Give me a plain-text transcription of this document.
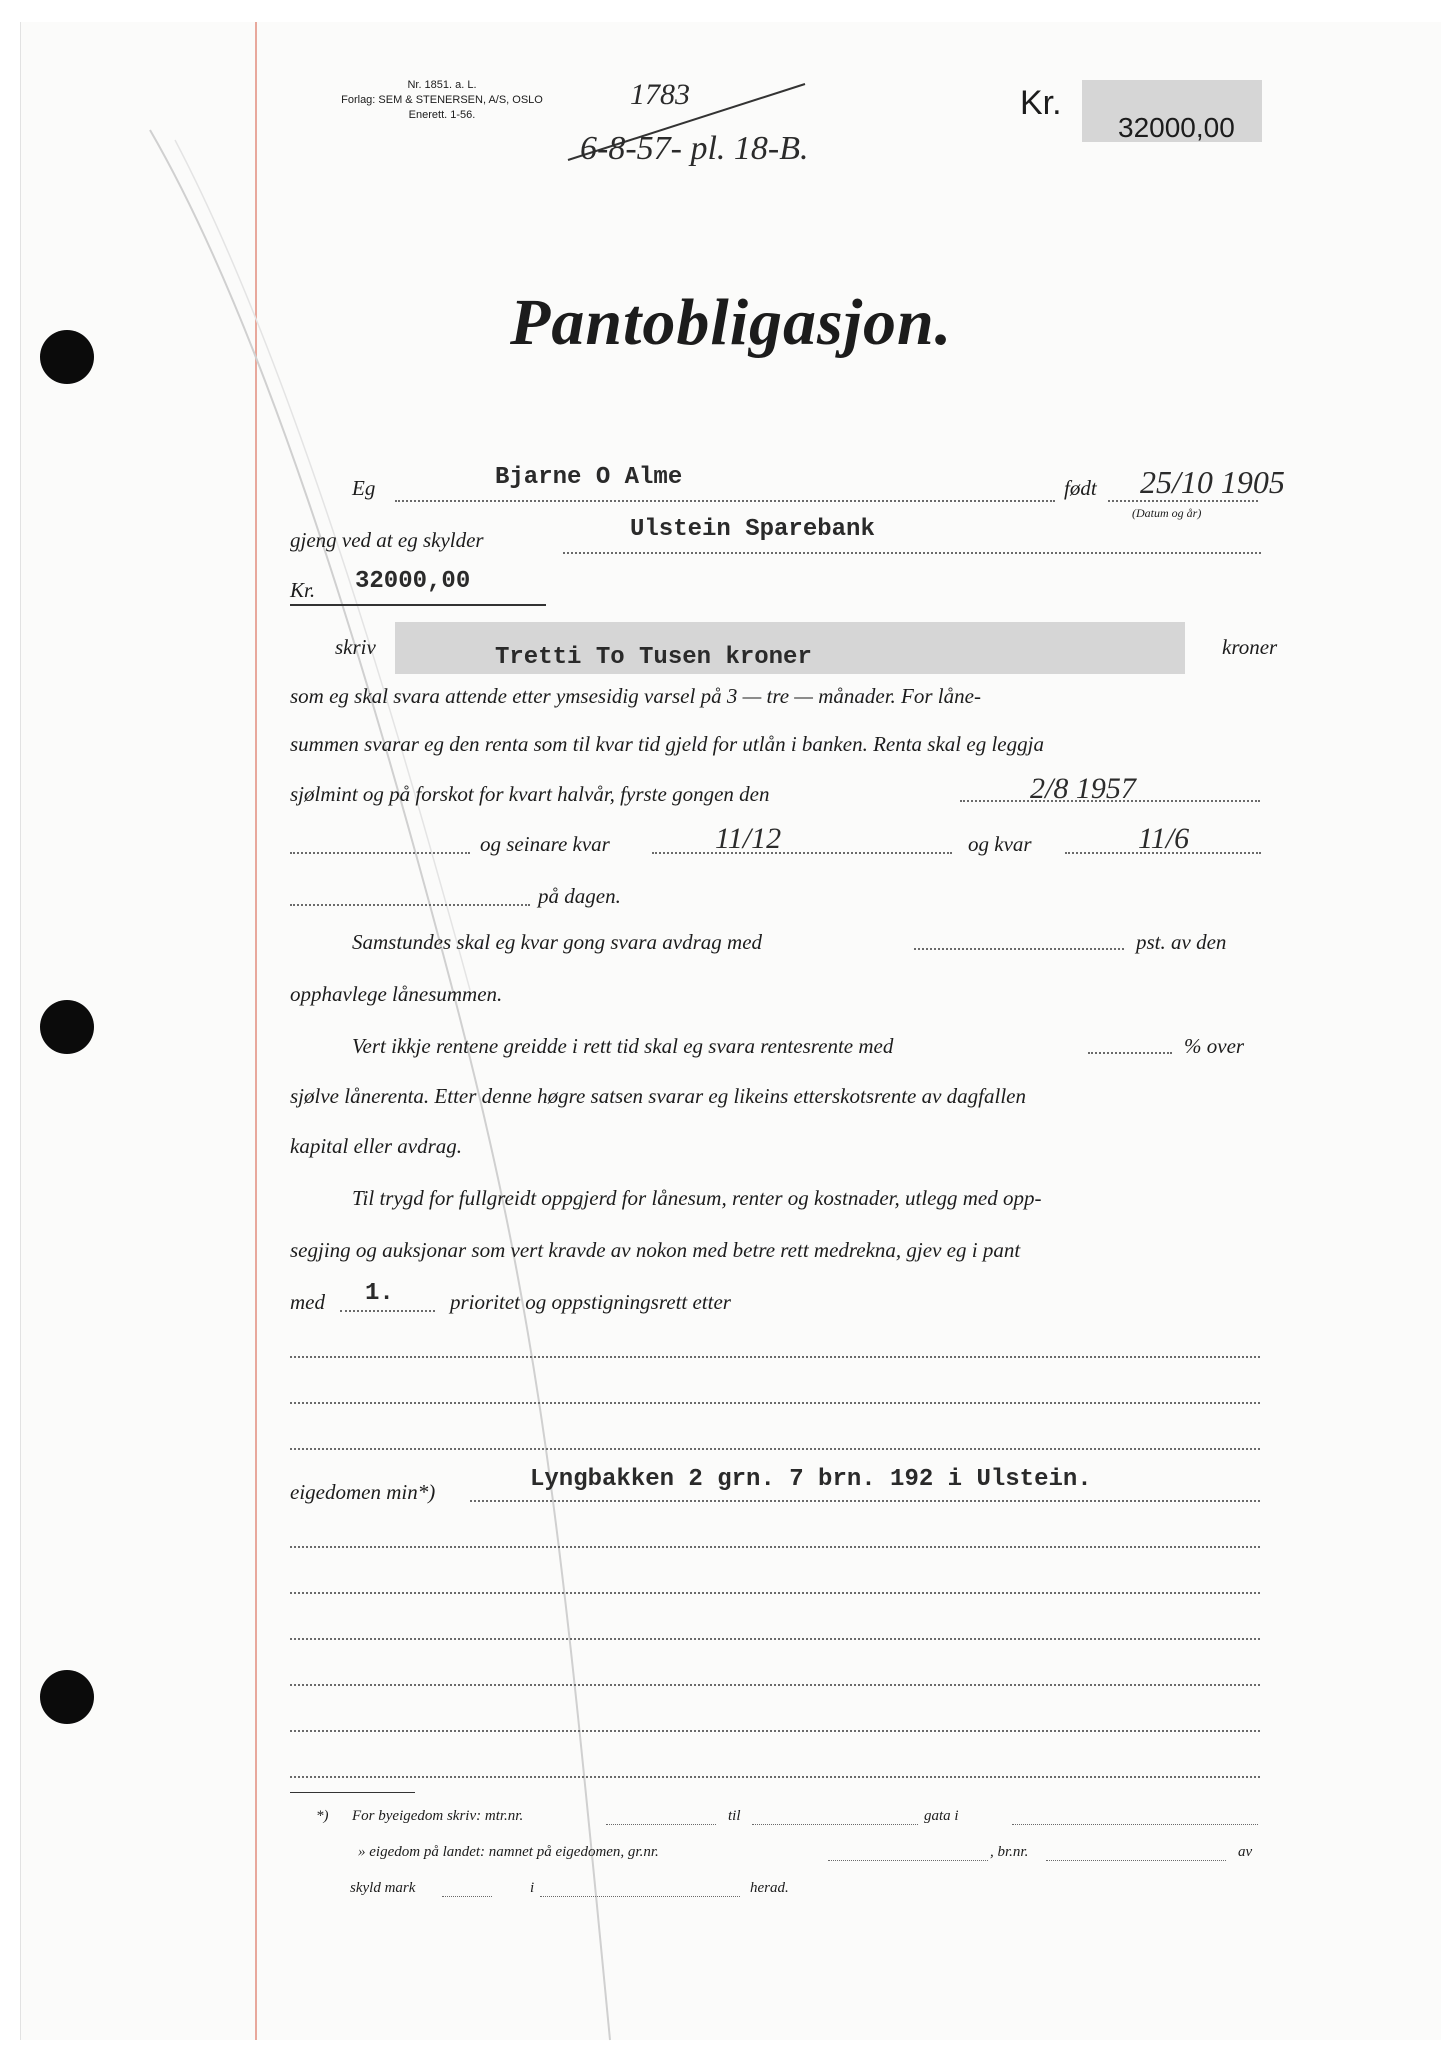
Nr. 1851. a. L.
Forlag: SEM & STENERSEN, A/S, OSLO
Enerett. 1-56.
1783
6-8-57- pl. 18-B.
Kr.
32000,00
Pantobligasjon.
Eg	Bjarne O Alme	født 25/10 1905
(Datum og år)
gjeng ved at eg skylder	Ulstein Sparebank
Kr. 32000,00
skriv	Tretti To Tusen kroner	kroner
som eg skal svara attende etter ymsesidig varsel på 3 — tre — månader. For låne-
summen svarar eg den renta som til kvar tid gjeld for utlån i banken. Renta skal eg leggja
sjølmint og på forskot for kvart halvår, fyrste gongen den	2/8 1957
og seinare kvar	11/12	og kvar	11/6
på dagen.
Samstundes skal eg kvar gong svara avdrag med	pst. av den
opphavlege lånesummen.
Vert ikkje rentene greidde i rett tid skal eg svara rentesrente med	% over
sjølve lånerenta. Etter denne høgre satsen svarar eg likeins etterskotsrente av dagfallen
kapital eller avdrag.
Til trygd for fullgreidt oppgjerd for lånesum, renter og kostnader, utlegg med opp-
segjing og auksjonar som vert kravde av nokon med betre rett medrekna, gjev eg i pant
med 1.	prioritet og oppstigningsrett etter
eigedomen min*)	Lyngbakken 2 grn. 7 brn. 192 i Ulstein.
*) For byeigedom skriv: mtr.nr.	til	gata i
» eigedom på landet: namnet på eigedomen, gr.nr.	, br.nr.	av
skyld mark	i	herad.
